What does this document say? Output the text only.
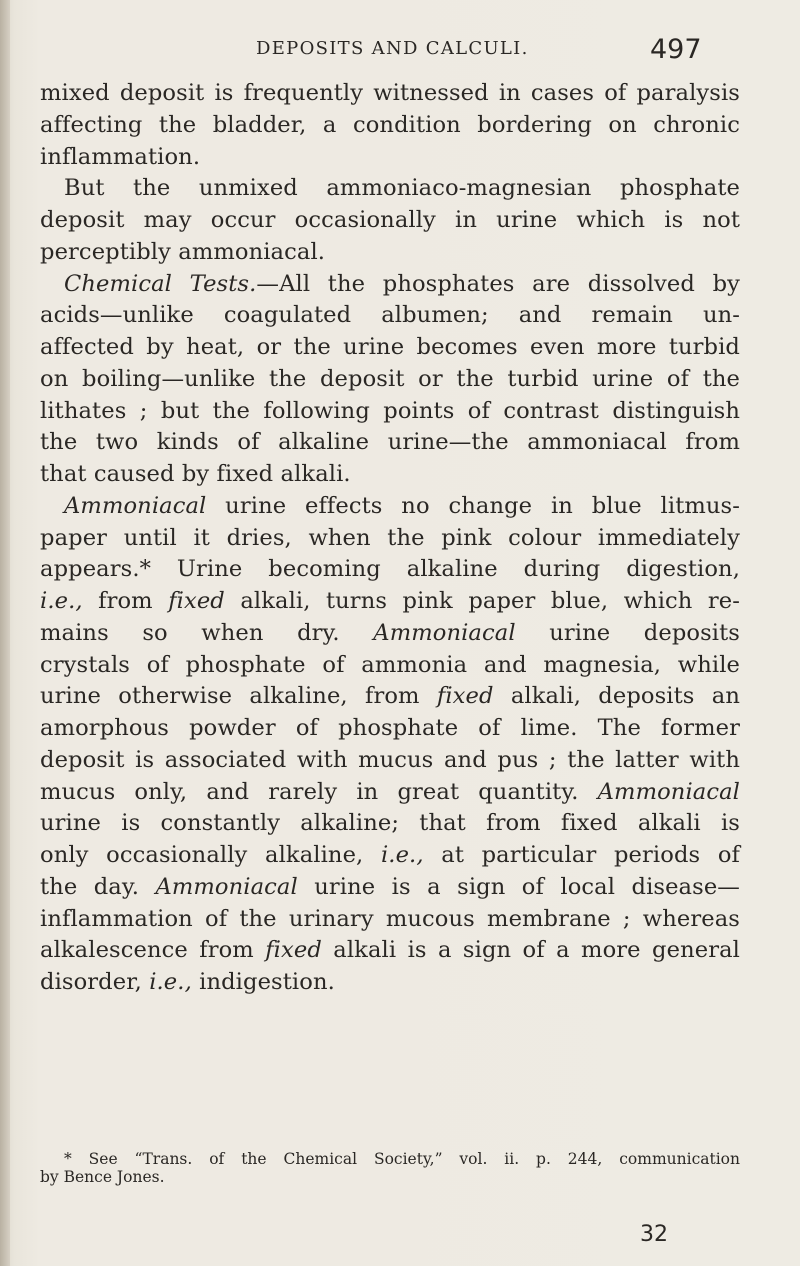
DEPOSITS AND CALCULI.	497
mixed deposit is frequently witnessed in cases of paralysis
affecting the bladder, a condition bordering on chronic
inflammation.
But the unmixed ammoniaco-magnesian phosphate
deposit may occur occasionally in urine which is not
perceptibly ammoniacal.
Chemical Tests.—All the phosphates are dissolved by
acids—unlike coagulated albumen; and remain un-
affected by heat, or the urine becomes even more turbid
on boiling—unlike the deposit or the turbid urine of the
lithates ; but the following points of contrast distinguish
the two kinds of alkaline urine—the ammoniacal from
that caused by fixed alkali.
Ammoniacal urine effects no change in blue litmus-
paper until it dries, when the pink colour immediately
appears.* Urine becoming alkaline during digestion,
i.e., from fixed alkali, turns pink paper blue, which re-
mains so when dry. Ammoniacal urine deposits
crystals of phosphate of ammonia and magnesia, while
urine otherwise alkaline, from fixed alkali, deposits an
amorphous powder of phosphate of lime. The former
deposit is associated with mucus and pus ; the latter with
mucus only, and rarely in great quantity. Ammoniacal
urine is constantly alkaline; that from fixed alkali is
only occasionally alkaline, i.e., at particular periods of
the day. Ammoniacal urine is a sign of local disease—
inflammation of the urinary mucous membrane ; whereas
alkalescence from fixed alkali is a sign of a more general
disorder, i.e., indigestion.
* See “Trans. of the Chemical Society,” vol. ii. p. 244, communication
by Bence Jones.
32
